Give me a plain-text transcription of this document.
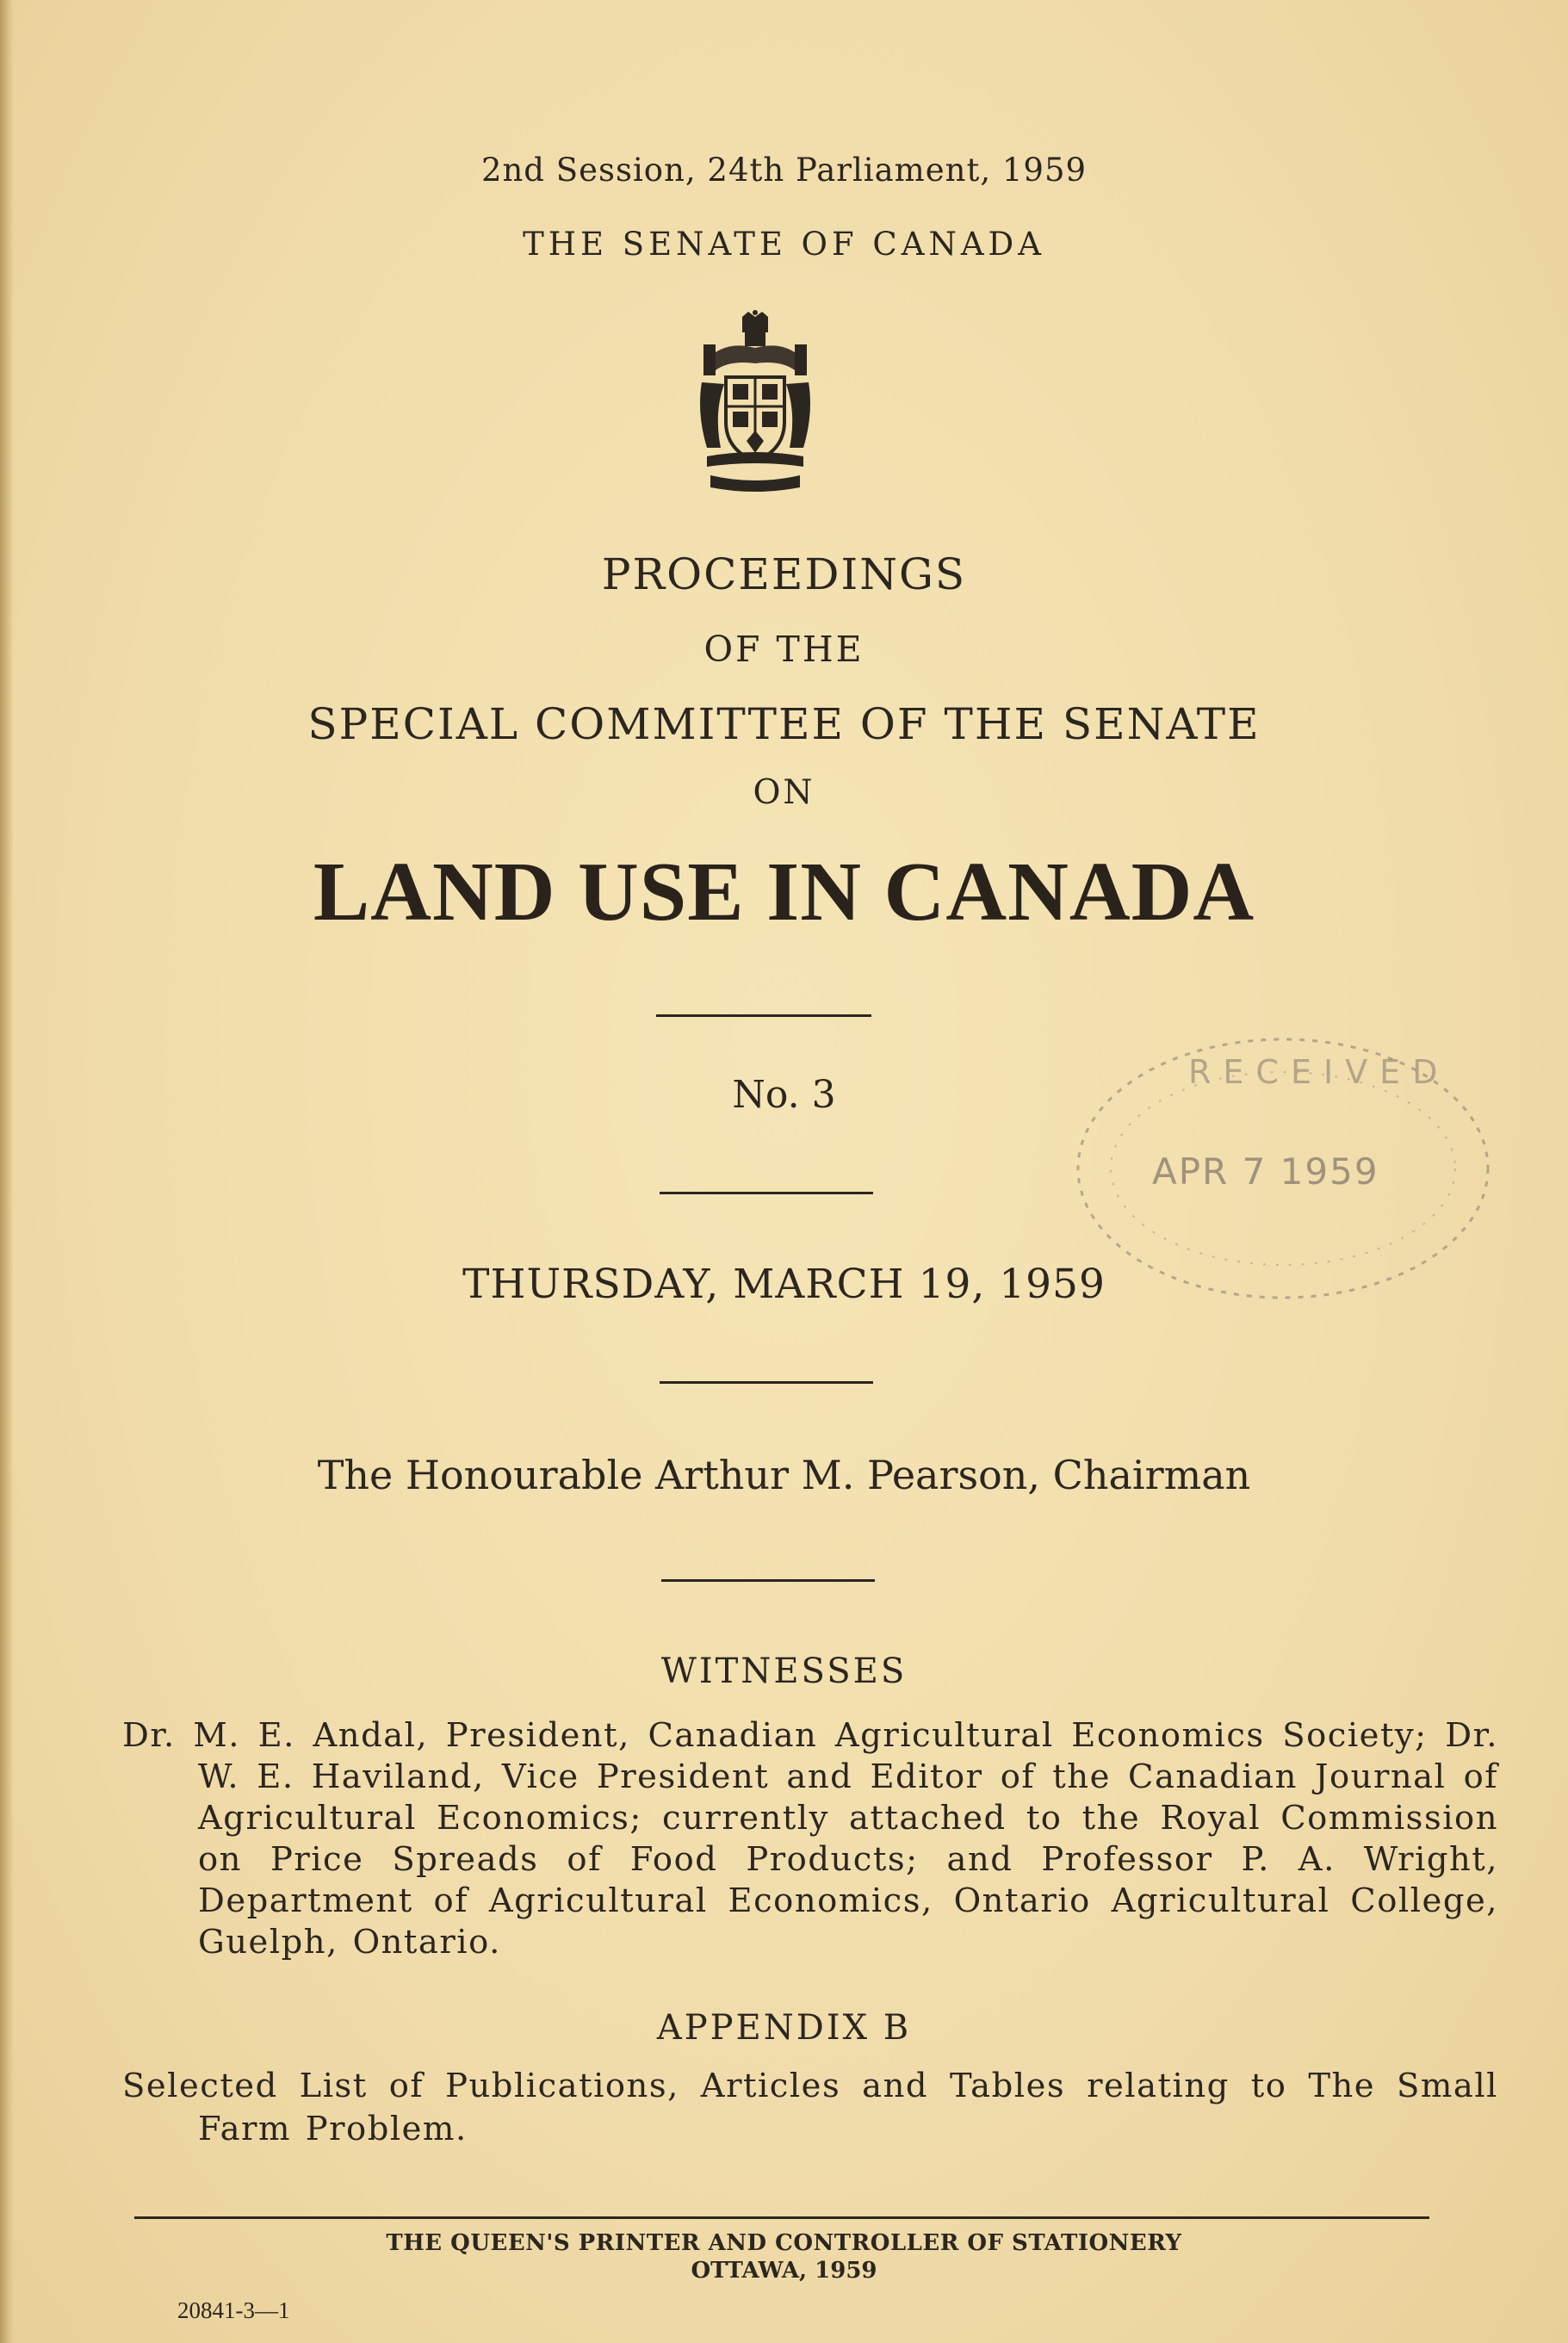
2nd Session, 24th Parliament, 1959
THE SENATE OF CANADA
PROCEEDINGS
OF THE
SPECIAL COMMITTEE OF THE SENATE
ON
LAND USE IN CANADA
No. 3
THURSDAY, MARCH 19, 1959
The Honourable Arthur M. Pearson, Chairman
WITNESSES
Dr. M. E. Andal, President, Canadian Agricultural Economics Society; Dr. W. E. Haviland, Vice President and Editor of the Canadian Journal of Agricultural Economics; currently attached to the Royal Commission on Price Spreads of Food Products; and Professor P. A. Wright, Department of Agricultural Economics, Ontario Agricultural College, Guelph, Ontario.
APPENDIX B
Selected List of Publications, Articles and Tables relating to The Small Farm Problem.
THE QUEEN'S PRINTER AND CONTROLLER OF STATIONERY
OTTAWA, 1959
20841-3—1
RECEIVED
APR 7 1959
